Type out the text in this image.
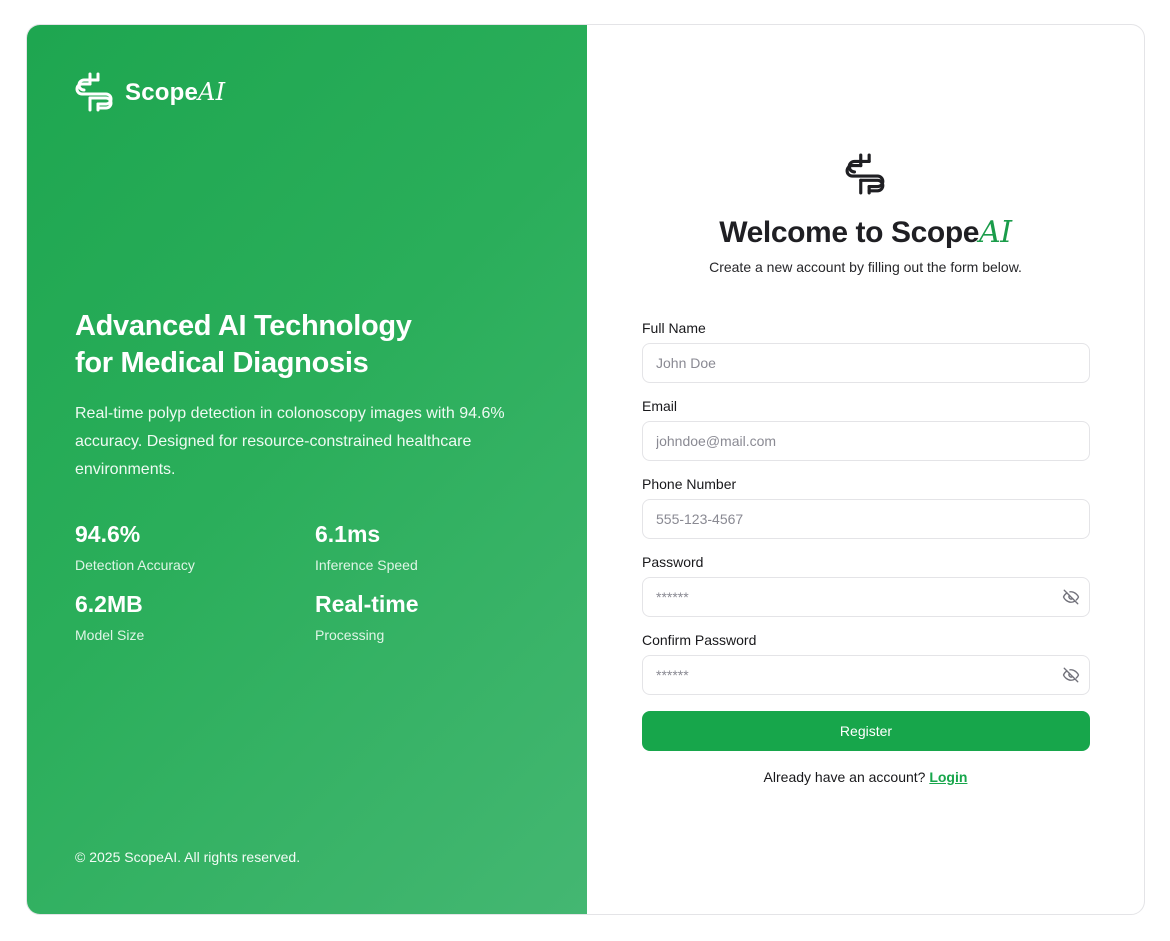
ScopeAI
Advanced AI Technology
for Medical Diagnosis
Real-time polyp detection in colonoscopy images with 94.6% accuracy. Designed for resource-constrained healthcare environments.
94.6%
Detection Accuracy
6.1ms
Inference Speed
6.2MB
Model Size
Real-time
Processing
© 2025 ScopeAI. All rights reserved.
Welcome to ScopeAI
Create a new account by filling out the form below.
Full Name
John Doe
Email
johndoe@mail.com
Phone Number
555-123-4567
Password
******
Confirm Password
******
Register
Already have an account? Login
